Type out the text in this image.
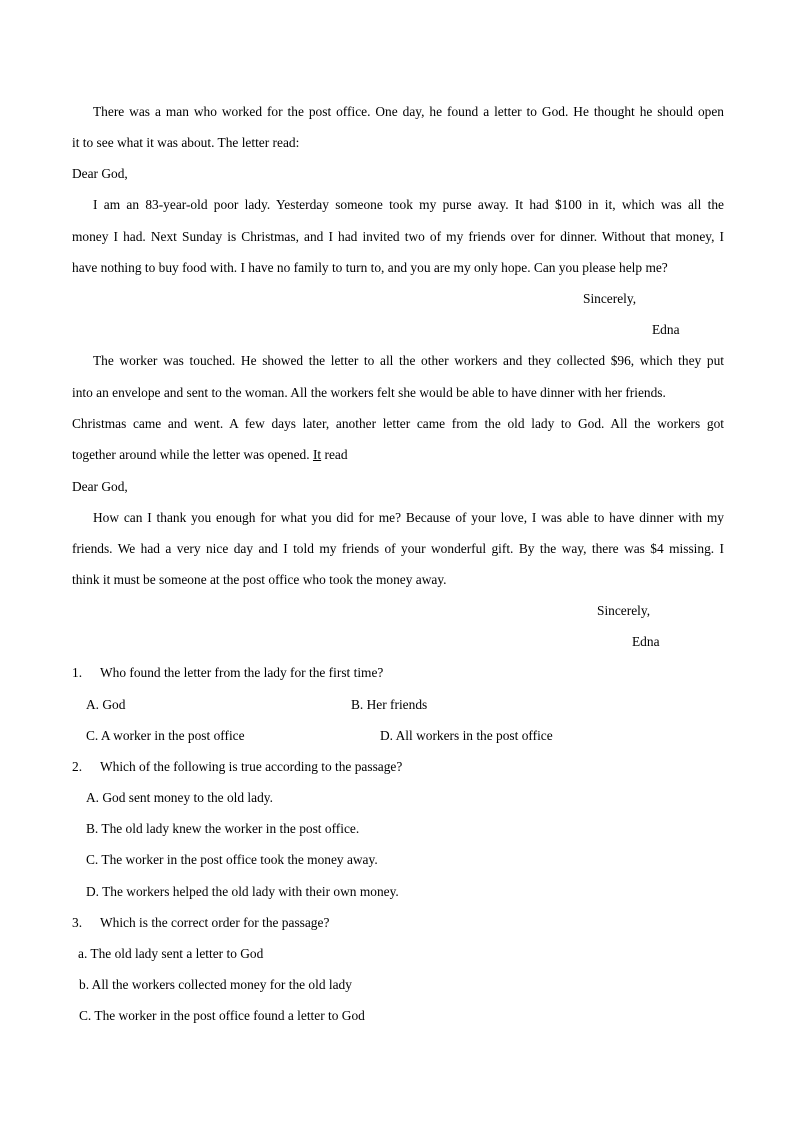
There was a man who worked for the post office. One day, he found a letter to God. He thought he should open
it to see what it was about. The letter read:
Dear God,
I am an 83-year-old poor lady. Yesterday someone took my purse away. It had $100 in it, which was all the
money I had. Next Sunday is Christmas, and I had invited two of my friends over for dinner. Without that money, I
have nothing to buy food with. I have no family to turn to, and you are my only hope. Can you please help me?
Sincerely,
Edna
The worker was touched. He showed the letter to all the other workers and they collected $96, which they put
into an envelope and sent to the woman. All the workers felt she would be able to have dinner with her friends.
Christmas came and went. A few days later, another letter came from the old lady to God. All the workers got
together around while the letter was opened. It read
Dear God,
How can I thank you enough for what you did for me? Because of your love, I was able to have dinner with my
friends. We had a very nice day and I told my friends of your wonderful gift. By the way, there was $4 missing. I
think it must be someone at the post office who took the money away.
Sincerely,
Edna
1. Who found the letter from the lady for the first time?
A. God	B. Her friends
C. A worker in the post office	D. All workers in the post office
2. Which of the following is true according to the passage?
A. God sent money to the old lady.
B. The old lady knew the worker in the post office.
C. The worker in the post office took the money away.
D. The workers helped the old lady with their own money.
3. Which is the correct order for the passage?
a. The old lady sent a letter to God
b. All the workers collected money for the old lady
C. The worker in the post office found a letter to God
